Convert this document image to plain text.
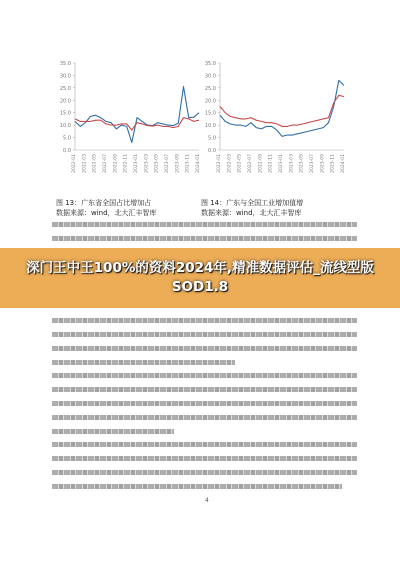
0.0
5.0
10.0
15.0
20.0
25.0
30.0
35.0
2022-01 2022-03 2022-05 2022-07 2022-09 2022-11 2023-01 2023-03 2023-05 2023-07 2023-09 2023-11 2024-01
图 13：广东省全国占比增加占
数据来源：wind，北大汇丰智库
0.0
5.0
10.0
15.0
20.0
25.0
30.0
35.0
2022-01 2022-03 2022-05 2022-07 2022-09 2022-11 2023-01 2023-03 2023-05 2023-07 2023-09 2023-11 2024-01
图 14：广东与全国工业增加值增
数据来源：wind，北大汇丰智库
深门王中王100%的资料2024年,精准数据评估_流线型版SOD1.8
4
